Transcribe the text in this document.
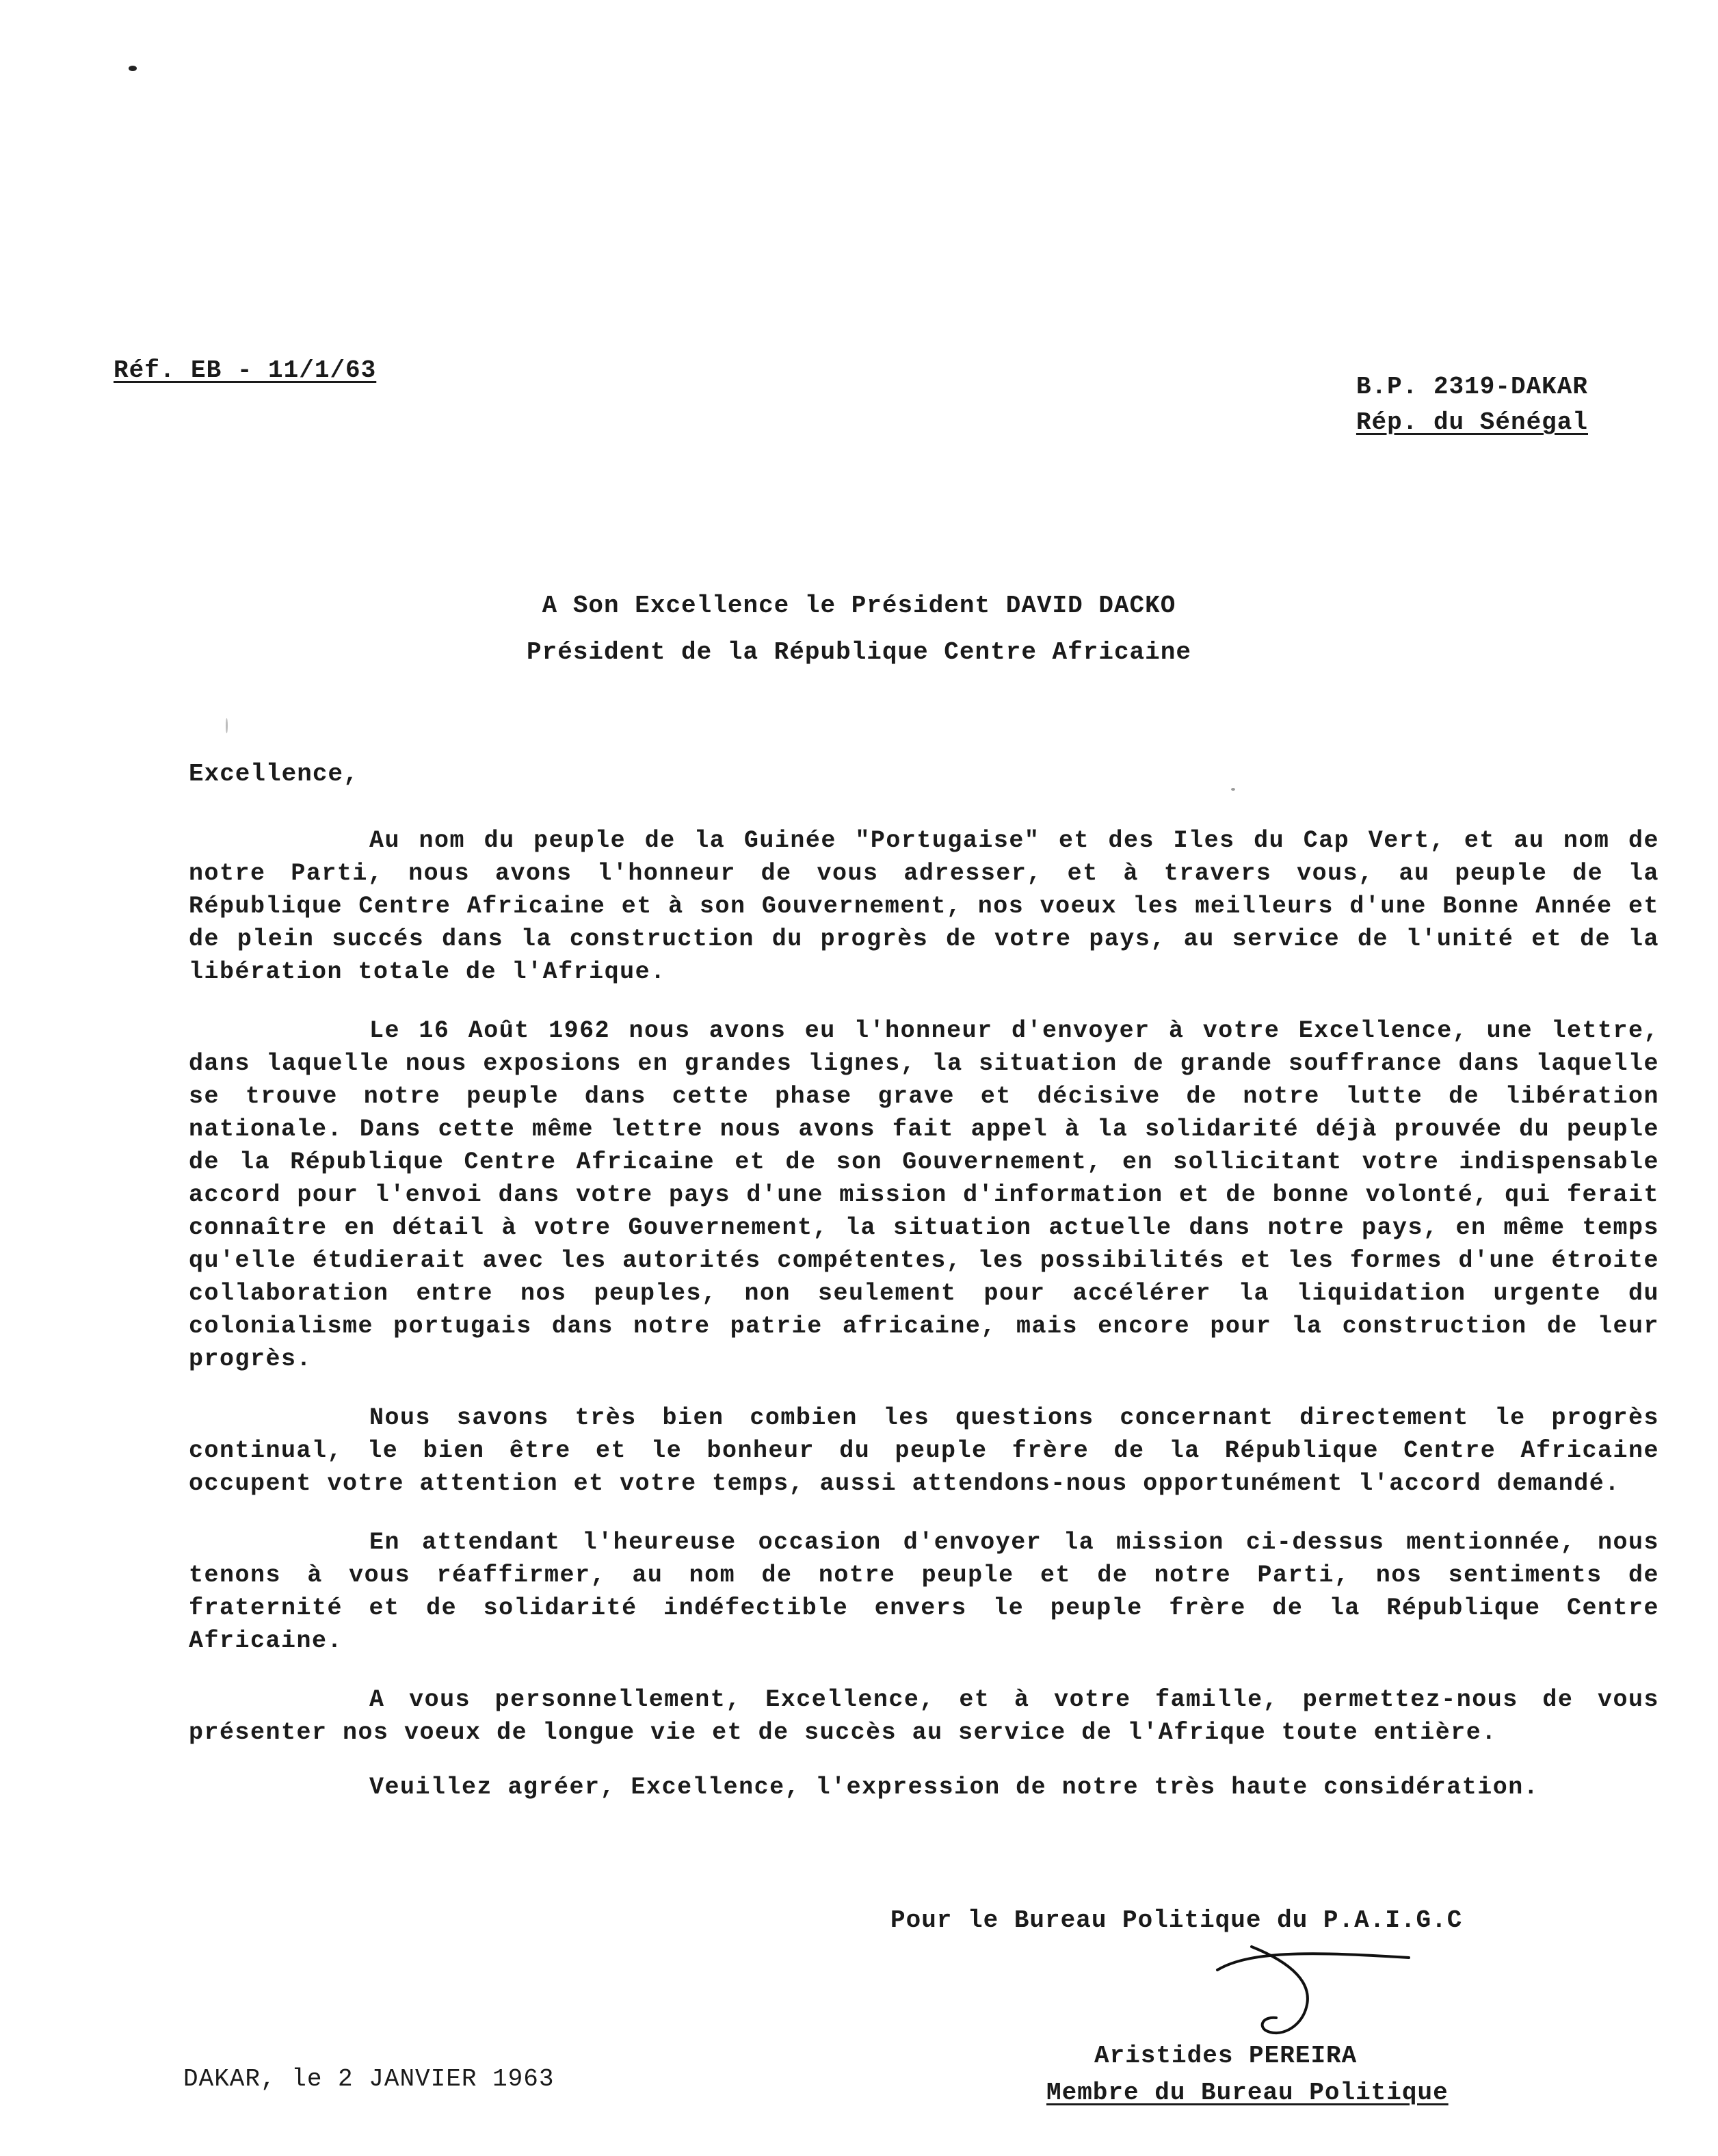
Réf. EB - 11/1/63
B.P. 2319-DAKAR
Rép. du Sénégal
A Son Excellence le Président DAVID DACKO
Président de la République Centre Africaine
Excellence,

Au nom du peuple de la Guinée "Portugaise" et des Iles du Cap Vert, et au nom de notre Parti, nous avons l'honneur de vous adresser, et à travers vous, au peuple de la République Centre Africaine et à son Gouvernement, nos voeux les meilleurs d'une Bonne Année et de plein succés dans la construction du progrès de votre pays, au service de l'unité et de la libération totale de l'Afrique.

Le 16 Août 1962 nous avons eu l'honneur d'envoyer à votre Excellence, une lettre, dans laquelle nous exposions en grandes lignes, la situation de grande souffrance dans laquelle se trouve notre peuple dans cette phase grave et décisive de notre lutte de libération nationale. Dans cette même lettre nous avons fait appel à la solidarité déjà prouvée du peuple de la République Centre Africaine et de son Gouvernement, en sollicitant votre indispensable accord pour l'envoi dans votre pays d'une mission d'information et de bonne volonté, qui ferait connaître en détail à votre Gouvernement, la situation actuelle dans notre pays, en même temps qu'elle étudierait avec les autorités compétentes, les possibilités et les formes d'une étroite collaboration entre nos peuples, non seulement pour accélérer la liquidation urgente du colonialisme portugais dans notre patrie africaine, mais encore pour la construction de leur progrès.

Nous savons très bien combien les questions concernant directement le progrès continual, le bien être et le bonheur du peuple frère de la République Centre Africaine occupent votre attention et votre temps, aussi attendons-nous opportunément l'accord demandé.

En attendant l'heureuse occasion d'envoyer la mission ci-dessus mentionnée, nous tenons à vous réaffirmer, au nom de notre peuple et de notre Parti, nos sentiments de fraternité et de solidarité indéfectible envers le peuple frère de la République Centre Africaine.

A vous personnellement, Excellence, et à votre famille, permettez-nous de vous présenter nos voeux de longue vie et de succès au service de l'Afrique toute entière.

Veuillez agréer, Excellence, l'expression de notre très haute considération.

Pour le Bureau Politique du P.A.I.G.C
Aristides PEREIRA
Membre du Bureau Politique
DAKAR, le 2 JANVIER 1963
